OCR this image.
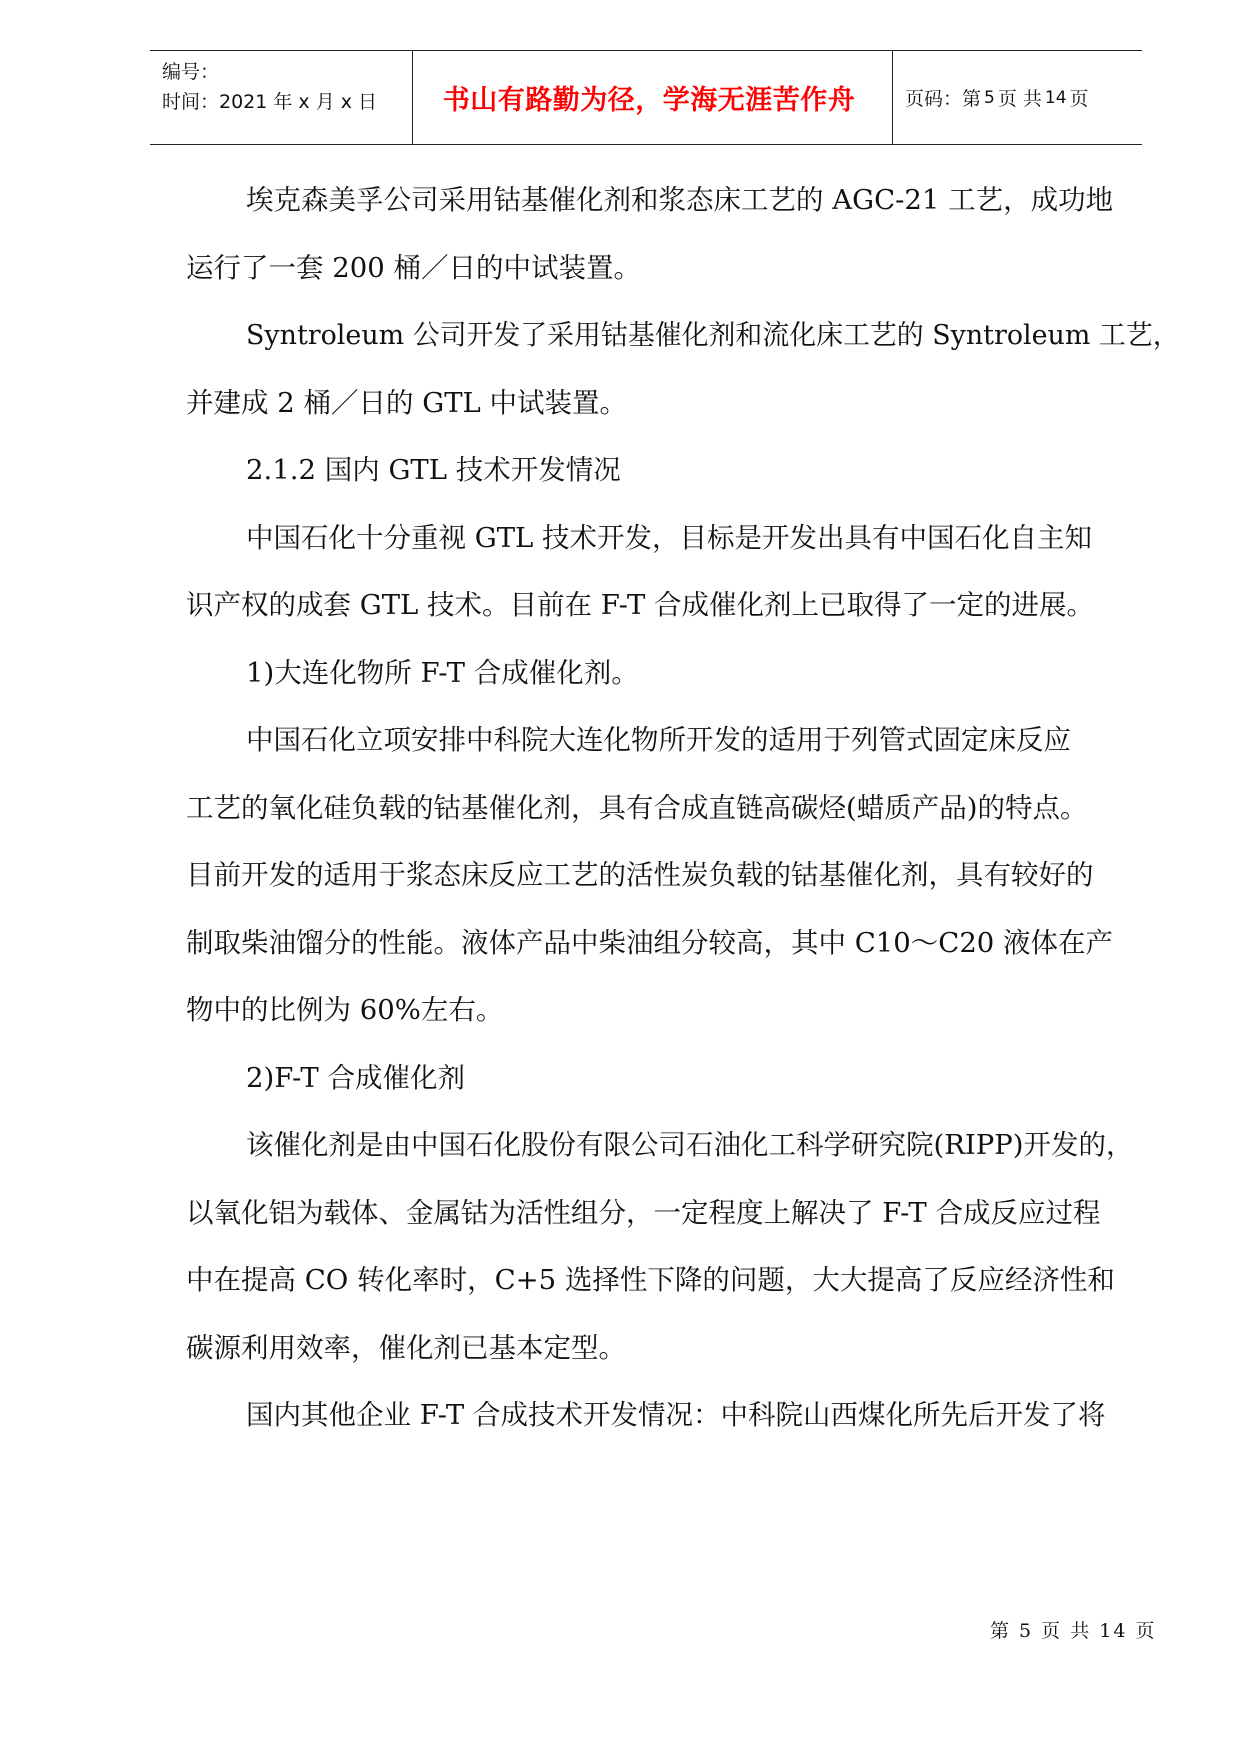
编号：
时间：2021 年 x 月 x 日	书山有路勤为径，学海无涯苦作舟	页码：第 5 页 共 14 页
埃克森美孚公司采用钴基催化剂和浆态床工艺的 AGC-21 工艺，成功地
运行了一套 200 桶／日的中试装置。
Syntroleum 公司开发了采用钴基催化剂和流化床工艺的 Syntroleum 工艺，
并建成 2 桶／日的 GTL 中试装置。
2.1.2 国内 GTL 技术开发情况
中国石化十分重视 GTL 技术开发，目标是开发出具有中国石化自主知
识产权的成套 GTL 技术。目前在 F-T 合成催化剂上已取得了一定的进展。
1)大连化物所 F-T 合成催化剂。
中国石化立项安排中科院大连化物所开发的适用于列管式固定床反应
工艺的氧化硅负载的钴基催化剂，具有合成直链高碳烃(蜡质产品)的特点。
目前开发的适用于浆态床反应工艺的活性炭负载的钴基催化剂，具有较好的
制取柴油馏分的性能。液体产品中柴油组分较高，其中 C10～C20 液体在产
物中的比例为 60%左右。
2)F-T 合成催化剂
该催化剂是由中国石化股份有限公司石油化工科学研究院(RIPP)开发的，
以氧化铝为载体、金属钴为活性组分，一定程度上解决了 F-T 合成反应过程
中在提高 CO 转化率时，C+5 选择性下降的问题，大大提高了反应经济性和
碳源利用效率，催化剂已基本定型。
国内其他企业 F-T 合成技术开发情况：中科院山西煤化所先后开发了将
第 5 页 共 14 页
